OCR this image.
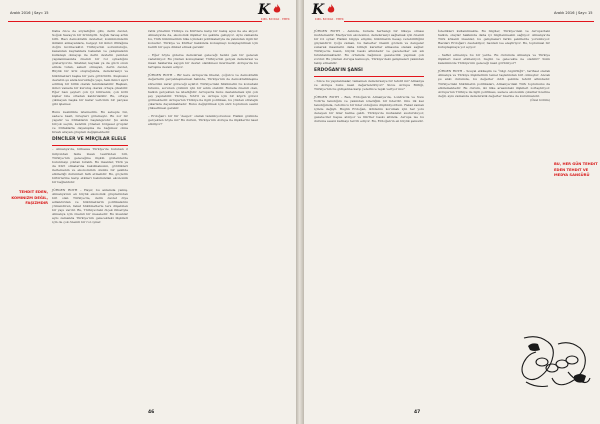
Aralık 2016 | Sayı: 15	K
KIZIL BAYRAK · EMEK
TEHDIT EDEN, KOMINIZM DEĞIL, FAŞIZMDIR

Daha önce de söylediğim gibi, derin devlet, Soğuk Savaş'ın bir ürünüydü. Soğuk Savaş artık bitti. Bazı demokratik devletler, komünizmlerin ikilisini almayanlara, belgeyi bil ikinci ittifağına doğru kıvrılacaktır. Türkiye'nin sorumluluğu, kazanılan kaynaklara bakarak ve çalışmaların kullanışlı olmayışı ile derin devletin yeniden yapılanmasında önemli bir rol oynadığını gösteriyordu. Silahlar, kaynak ya da gücü onun elinde tutan, askeri olmayan, derin devlet, Büyük bir kriz oluştuğunda, demokrasiyi ve hükümetleri başka bir yere götürürdü. Kuşkusuz devletin şu anda kurulduğu yapı, hem ikinci ayırt edilmiş bir birlik olarak tanımlanabilir. Başkan, ikinci vanada bir kuruluş olarak ortaya çıkabilir. Eğer bazı şeyleri çok iyi bilirseniz, çok kötü kişiler bile ortadan kaldırılabilir. Bu, ortaya çıkmayan başka bir karar vericinin bir parçası gibi işlemez.

Bunu kesinlikle istemedim. Bu sebeple biz, sadece basit, bireyleri göremeyiz. Bu zor bir yapıdır ve ittifakların başlangıcıdır. Şu anda birçok seçim, kendini yöneten bölgesel gruplar ve ittifaklarla dayanışma ile bağımsız olma fırsatı arayan grupları değişmektedir.

DİNCİLER VE MİRÇİLAR ELELE

– Almanya'da, bilhassa Türkiye'de bulunan 2 milyondan fazla insan tesirinden biri, Türkiye’nin geleceğine ilişkin gözlemlerde bulunmayı çoktan bıraktı. Bu insanlar, Türk ya da Kürt olmalarına bakılmaksızın, gördükleri ilerlemenin ve ekonominin olumlu bir şekilde etkilediği durumları fark etmelidir. Bu, göçlerin birbirlerine karşı etkileri bakımından ekonomik bir bağlantıdır.

JÜRGEN ROTH – Hayır, bu anlamda yanlış. Almanya'nın en büyük ekonomik gruplarından biri olan Türkiye'de, derin devlet diye adlandırılan ve hükümetlerin politikalarını yönlendiren, fakat hükümetlerle ters düşebilen bir yapı vardır. Bu, Türkiye’deki ölçek itibarıyla Almanya için önemli bir meseledir. Bu insanlar aynı zamanda Türkiye’nin gelecekteki ilişkileri için de çok önemli bir rol oynar.

ratik yönetimi Türkiye ve Kürtlere karşı bir bakış açısı ile ele alıyor. Almanya'da da, ekonomik ilişkiler bu şekilde gelişiyor. Aynı zamanda bu, Türk hükümetinin ülke içindeki politikalarıyla da yakından ilgili bir konudur. Türkiye ve Kürtler hakkında konuşmayı kolaylaştırmak için belirli bir şeye dikkat etmek gerekir.

– Eğer böyle giderse demokrasi geleceği henüz pek bir gelecek vadetmiyor. Bu yüzden konuşmalar, Türkiye'nin gerçek demokrasi ve insan haklarına saygılı bir devlet olabilmesi üzerinedir. Avrupa'da bu tartışma devam ediyor.

JÜRGEN ROTH – Bir kere Avrupa’da liberal, çoğulcu ve demokratik değerlerin gerçekleşmemesi halinde, Türkiye'nin de demokratikleşme sürecinin zarar göreceği açıktır. Türkiye'deki hükümetin bu konudaki tutumu, sorunun çözümü için bir adım olabilir. Burada önemli olan, halkın gerçekten ne istediğidir. Avrupa'da bunu desteklemek için çok şey yapılabilir. Türkiye, NATO ve Avrupa için bir köprü görevi görmektedir. Avrupa'nın Türkiye ile ilgili politikası, bu yüzden stratejik çıkarlara dayanmaktadır. Bunu değiştirmek için sivil toplumun sesini yükseltmesi gerekir.

– Erdoğan’ı bir tür ‘despot’ olarak tanımlıyorsunuz. Halkın gözünde gerçekten böyle mi? Bu durum, Türkiye’nin Avrupa ile ilişkilerini nasıl etkiliyor?

46
Aralık 2016 | Sayı: 15
K
KIZIL BAYRAK · EMEK

JÜRGEN ROTH – Aslında, burada herhangi bir ülkeye olması muhtemeldir. Medya’nın ekonomisi, demokrasiyi sağlamak için önemli bir rol oynar. Halkın bilgiye erişimi, hükümetin hesap verebilirliğini güçlendirir. Çoğu zaman, bu haberler önemli gözlem ve dengeler sunarak insanların daha bilinçli kararlar almasına olanak sağlar. Türkiye'de basın, büyük baskı altındadır ve gazeteciler sık sık tutuklanmaktadır. Bu ortamda bağımsız gazetecilik yapmak çok zordur. Bu yüzden Avrupa kamuoyu, Türkiye'deki gelişmeleri yakından takip etmelidir.

ERDOĞAN'IN ŞANSI

– Sizce bu yapılanmalar, tamamen demokrasiye bir tehdit mi? Almanya ve Avrupa bunu nasıl değerlendiriyor? Sizce Avrupa Birliği, Türkiye'nin bu gidişatına karşı yeterince tepki veriyor mu?

JÜRGEN ROTH – Ben, Erdoğan’ın Almanya’da, Londra’da ve New York'ta tanıdığım ve yakından izlediğim bir liderdir. Onu ilk kez tanıdığımda, reformcu bir lider olduğunu düşünüyordum. Fakat zaman içinde değişti. Bugün Erdoğan, iktidarını korumak için her yolu deneyen bir lider haline geldi. Türkiye'de muhalefet susturuluyor, gazeteciler hapse atılıyor ve Kürtler baskı altında. Avrupa ise bu duruma sessiz kalmayı tercih ediyor. Bu, Erdoğan'ın en büyük şansıdır.

İstedikleri kullanılmakta. Bu bilgiler, Türkiye'deki ve Avrupa'daki halkın, olaylar hakkında daha iyi bilgilenmesini sağlıyor. Almanya’da Türk kökenli insanlar, bu gelişmeleri farklı şekillerde yorumluyor. Bazıları Erdoğan’ı destekliyor, bazıları ise eleştiriyor. Bu, toplumsal bir kutuplaşmaya yol açıyor.

– Saffet ermeniye bu bir yerde. Bu durumda Almanya ve Türkiye ilişkileri nasıl etkileniyor, bugün ve gelecekte ne olabilir? Sizin kaleminizde Türkiye'nin geleceği nasıl görünüyor?

JÜRGEN ROTH – Sosyal etkileşim ve “bilgi özgürlüğü”, tarihsel olarak Almanya ve Türkiye ilişkilerinin temel taşlarından biri olmuştur. Ancak şu anki durumda, bu değerler ciddi şekilde tehdit altındadır. Türkiye'deki hükümetin politikaları, Almanya’daki Türk toplumunu da etkilemektedir. Bu durum, iki ülke arasındaki ilişkileri zorlaştırıyor. Avrupa'nın Türkiye ile ilgili politikası, sadece ekonomik çıkarlar üzerine değil, aynı zamanda demokratik değerler üzerine de kurulmalıdır.

(Özel bölüm)

BU, HER GÜN TEHDIT EDEN TEHDIT VE MEDYA SANSÜRÜ
47
